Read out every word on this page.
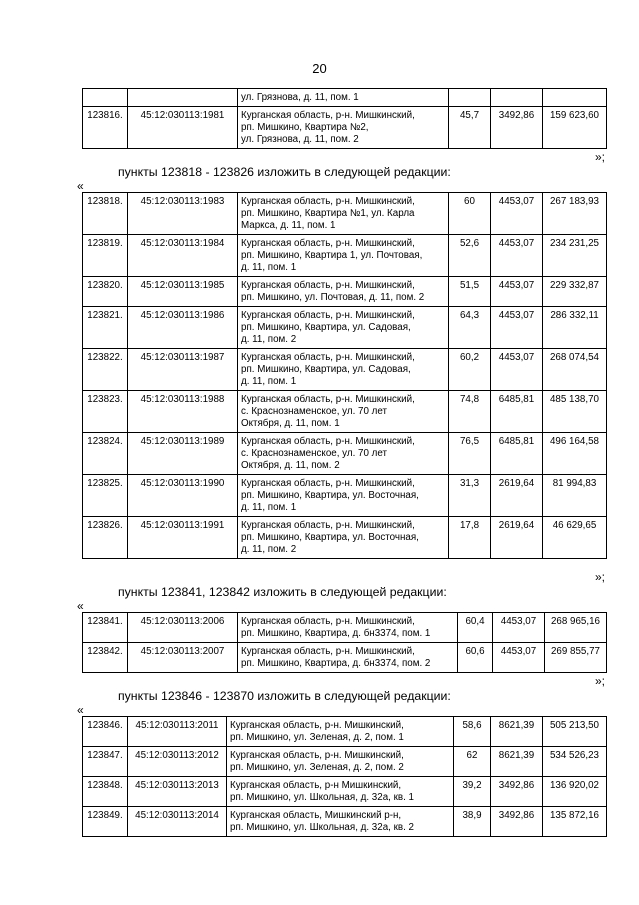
20

		ул. Грязнова, д. 11, пом. 1			

123816.	45:12:030113:1981	Курганская область, р-н. Мишкинский,
рп. Мишкино, Квартира №2,
ул. Грязнова, д. 11, пом. 2	45,7	3492,86	159 623,60
»;
пункты 123818 - 123826 изложить в следующей редакции:
«
123818.	45:12:030113:1983	Курганская область, р-н. Мишкинский,
рп. Мишкино, Квартира №1, ул. Карла
Маркса, д. 11, пом. 1	60	4453,07	267 183,93
123819.	45:12:030113:1984	Курганская область, р-н. Мишкинский,
рп. Мишкино, Квартира 1, ул. Почтовая,
д. 11, пом. 1	52,6	4453,07	234 231,25
123820.	45:12:030113:1985	Курганская область, р-н. Мишкинский,
рп. Мишкино, ул. Почтовая, д. 11, пом. 2	51,5	4453,07	229 332,87
123821.	45:12:030113:1986	Курганская область, р-н. Мишкинский,
рп. Мишкино, Квартира, ул. Садовая,
д. 11, пом. 2	64,3	4453,07	286 332,11
123822.	45:12:030113:1987	Курганская область, р-н. Мишкинский,
рп. Мишкино, Квартира, ул. Садовая,
д. 11, пом. 1	60,2	4453,07	268 074,54
123823.	45:12:030113:1988	Курганская область, р-н. Мишкинский,
с. Краснознаменское, ул. 70 лет
Октября, д. 11, пом. 1	74,8	6485,81	485 138,70
123824.	45:12:030113:1989	Курганская область, р-н. Мишкинский,
с. Краснознаменское, ул. 70 лет
Октября, д. 11, пом. 2	76,5	6485,81	496 164,58
123825.	45:12:030113:1990	Курганская область, р-н. Мишкинский,
рп. Мишкино, Квартира, ул. Восточная,
д. 11, пом. 1	31,3	2619,64	81 994,83
123826.	45:12:030113:1991	Курганская область, р-н. Мишкинский,
рп. Мишкино, Квартира, ул. Восточная,
д. 11, пом. 2	17,8	2619,64	46 629,65
»;
пункты 123841, 123842 изложить в следующей редакции:
«
123841.	45:12:030113:2006	Курганская область, р-н. Мишкинский,
рп. Мишкино, Квартира, д. бн3374, пом. 1	60,4	4453,07	268 965,16
123842.	45:12:030113:2007	Курганская область, р-н. Мишкинский,
рп. Мишкино, Квартира, д. бн3374, пом. 2	60,6	4453,07	269 855,77
»;
пункты 123846 - 123870 изложить в следующей редакции:
«
123846.	45:12:030113:2011	Курганская область, р-н. Мишкинский,
рп. Мишкино, ул. Зеленая, д. 2, пом. 1	58,6	8621,39	505 213,50
123847.	45:12:030113:2012	Курганская область, р-н. Мишкинский,
рп. Мишкино, ул. Зеленая, д. 2, пом. 2	62	8621,39	534 526,23
123848.	45:12:030113:2013	Курганская область, р-н Мишкинский,
рп. Мишкино, ул. Школьная, д. 32а, кв. 1	39,2	3492,86	136 920,02
123849.	45:12:030113:2014	Курганская область, Мишкинский р-н,
рп. Мишкино, ул. Школьная, д. 32а, кв. 2	38,9	3492,86	135 872,16
